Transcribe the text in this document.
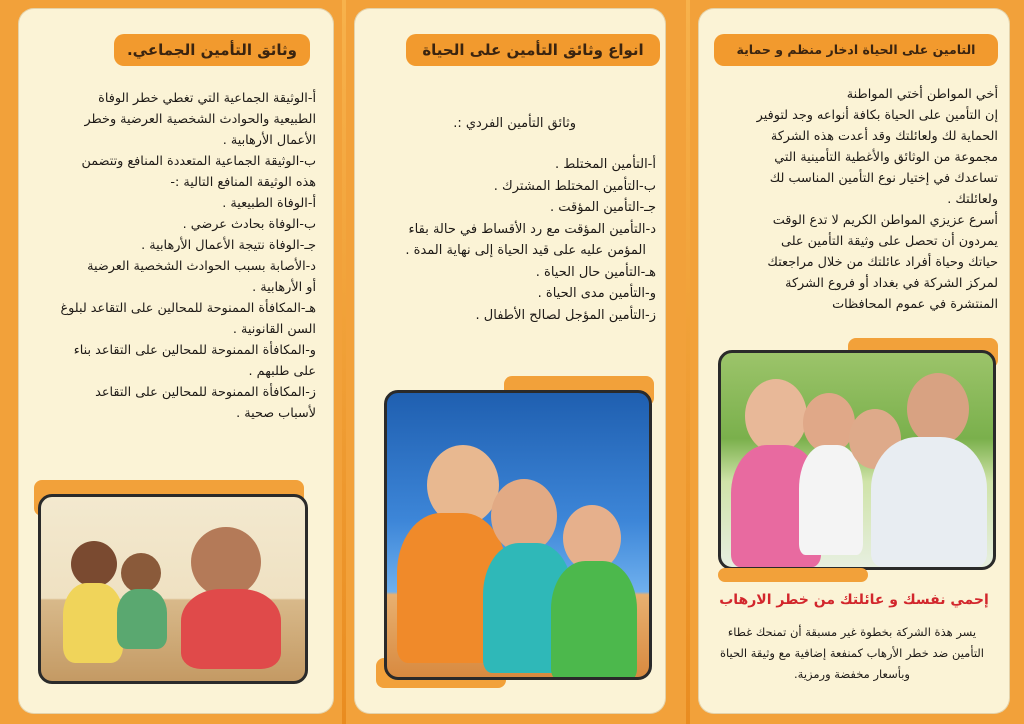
وثائق التأمين الجماعي.
أ-الوثيقة الجماعية التي تغطي خطر الوفاة
الطبيعية والحوادث الشخصية العرضية وخطر
الأعمال الأرهابية .
ب-الوثيقة الجماعية المتعددة المنافع وتتضمن
هذه الوثيقة المنافع التالية :-
أ-الوفاة الطبيعية .
ب-الوفاة بحادث عرضي .
جـ-الوفاة نتيجة الأعمال الأرهابية .
د-الأصابة بسبب الحوادث الشخصية العرضية
أو الأرهابية .
هـ-المكافأة الممنوحة للمحالين على التقاعد لبلوغ
السن القانونية .
و-المكافأة الممنوحة للمحالين على التقاعد بناء
على طلبهم .
ز-المكافأة الممنوحة للمحالين على التقاعد
لأسباب صحية .
انواع وثائق التأمين على الحياة
وثائق التأمين الفردي :.
أ-التأمين المختلط .
ب-التأمين المختلط المشترك .
جـ-التأمين المؤقت .
د-التأمين المؤقت مع رد الأقساط في حالة بقاء
المؤمن عليه على قيد الحياة إلى نهاية المدة .
هـ-التأمين حال الحياة .
و-التأمين مدى الحياة .
ز-التأمين المؤجل لصالح الأطفال .
التامين على الحياة ادخار منظم و حماية
أخي المواطن أختي المواطنة
إن التأمين على الحياة بكافة أنواعه وجد لتوفير
الحماية لك ولعائلتك وقد أعدت هذه الشركة
مجموعة من الوثائق والأغطية التأمينية التي
تساعدك في إختيار نوع التأمين المناسب لك
ولعائلتك .
أسرع عزيزي المواطن الكريم لا تدع الوقت
يمردون أن تحصل على وثيقة التأمين على
حياتك وحياة أفراد عائلتك من خلال مراجعتك
لمركز الشركة في بغداد أو فروع الشركة
المنتشرة في عموم المحافظات
إحمي نفسك و عائلتك من خطر الارهاب
يسر هذة الشركة بخطوة غير مسبقة أن تمنحك غطاء التأمين ضد خطر الأرهاب كمنفعة إضافية مع وثيقة الحياة وبأسعار مخفضة ورمزية.
